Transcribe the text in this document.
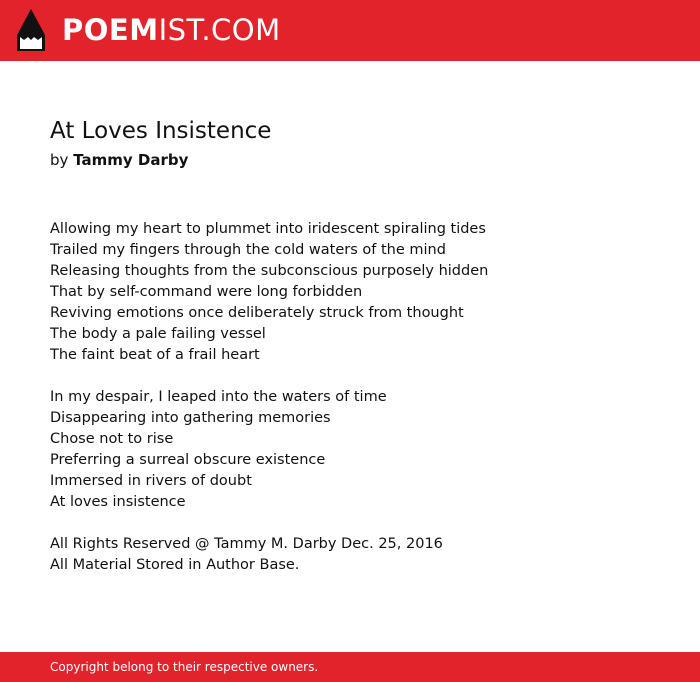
POEMIST.COM
At Loves Insistence
by Tammy Darby
Allowing my heart to plummet into iridescent spiraling tides
Trailed my fingers through the cold waters of the mind
Releasing thoughts from the subconscious purposely hidden
That by self-command were long forbidden
Reviving emotions once deliberately struck from thought
The body a pale failing vessel
The faint beat of a frail heart
In my despair, I leaped into the waters of time
Disappearing into gathering memories
Chose not to rise
Preferring a surreal obscure existence
Immersed in rivers of doubt
At loves insistence
All Rights Reserved @ Tammy M. Darby Dec. 25, 2016
All Material Stored in Author Base.
Copyright belong to their respective owners.
